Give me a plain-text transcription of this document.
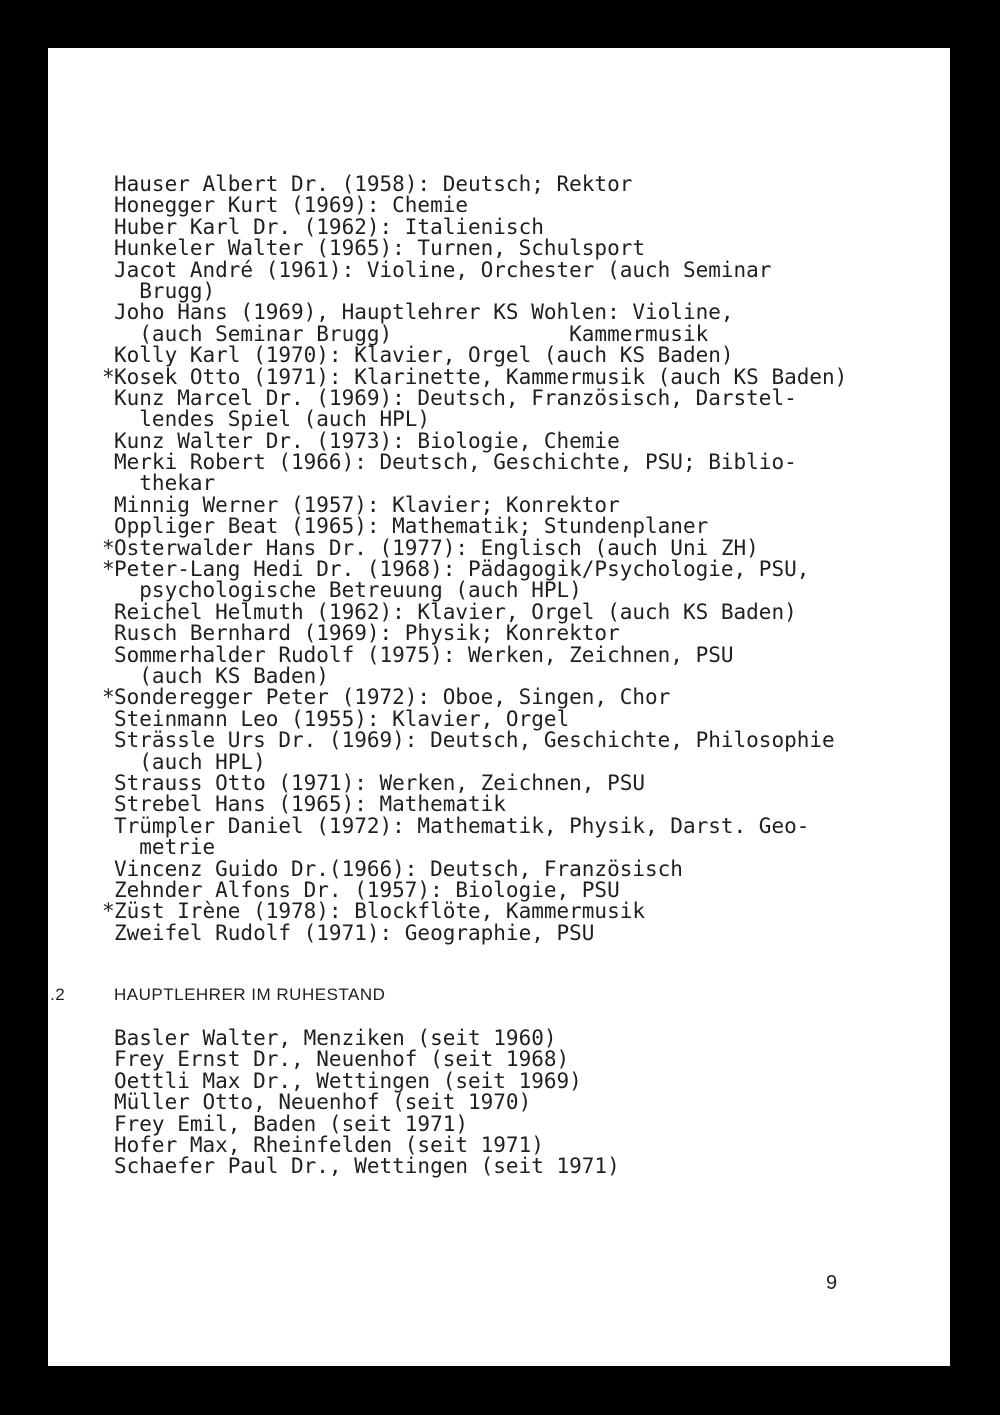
Hauser Albert Dr. (1958): Deutsch; Rektor
Honegger Kurt (1969): Chemie
Huber Karl Dr. (1962): Italienisch
Hunkeler Walter (1965): Turnen, Schulsport
Jacot André (1961): Violine, Orchester (auch Seminar
Brugg)
Joho Hans (1969), Hauptlehrer KS Wohlen: Violine,
(auch Seminar Brugg)              Kammermusik
Kolly Karl (1970): Klavier, Orgel (auch KS Baden)
* Kosek Otto (1971): Klarinette, Kammermusik (auch KS Baden)
Kunz Marcel Dr. (1969): Deutsch, Französisch, Darstel-
lendes Spiel (auch HPL)
Kunz Walter Dr. (1973): Biologie, Chemie
Merki Robert (1966): Deutsch, Geschichte, PSU; Biblio-
thekar
Minnig Werner (1957): Klavier; Konrektor
Oppliger Beat (1965): Mathematik; Stundenplaner
* Osterwalder Hans Dr. (1977): Englisch (auch Uni ZH)
* Peter-Lang Hedi Dr. (1968): Pädagogik/Psychologie, PSU,
psychologische Betreuung (auch HPL)
Reichel Helmuth (1962): Klavier, Orgel (auch KS Baden)
Rusch Bernhard (1969): Physik; Konrektor
Sommerhalder Rudolf (1975): Werken, Zeichnen, PSU
(auch KS Baden)
* Sonderegger Peter (1972): Oboe, Singen, Chor
Steinmann Leo (1955): Klavier, Orgel
Strässle Urs Dr. (1969): Deutsch, Geschichte, Philosophie
(auch HPL)
Strauss Otto (1971): Werken, Zeichnen, PSU
Strebel Hans (1965): Mathematik
Trümpler Daniel (1972): Mathematik, Physik, Darst. Geo-
metrie
Vincenz Guido Dr.(1966): Deutsch, Französisch
Zehnder Alfons Dr. (1957): Biologie, PSU
* Züst Irène (1978): Blockflöte, Kammermusik
Zweifel Rudolf (1971): Geographie, PSU
.2	HAUPTLEHRER IM RUHESTAND
Basler Walter, Menziken (seit 1960)
Frey Ernst Dr., Neuenhof (seit 1968)
Oettli Max Dr., Wettingen (seit 1969)
Müller Otto, Neuenhof (seit 1970)
Frey Emil, Baden (seit 1971)
Hofer Max, Rheinfelden (seit 1971)
Schaefer Paul Dr., Wettingen (seit 1971)
9
